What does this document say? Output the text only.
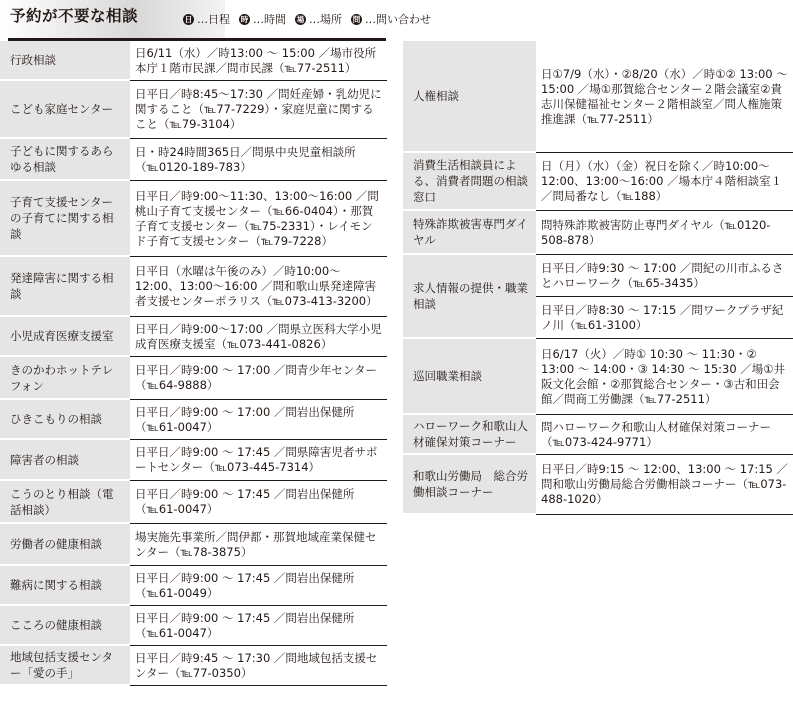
予約が不要な相談	日 …日程 時 …時間 場 …場所 問 …問い合わせ
行政相談
日6/11（水）／時13:00 ～ 15:00 ／場市役所本庁１階市民課／問市民課（℡77-2511）
こども家庭センター
日平日／時8:45～17:30 ／問妊産婦・乳幼児に関すること（℡77-7229）・家庭児童に関すること（℡79-3104）
子どもに関するあらゆる相談
日・時24時間365日／問県中央児童相談所（℡0120-189-783）
子育て支援センターの子育てに関する相談
日平日／時9:00～11:30、13:00～16:00 ／問桃山子育て支援センター（℡66-0404）・那賀子育て支援センター（℡75-2331）・レイモンド子育て支援センター（℡79-7228）
発達障害に関する相談
日平日（水曜は午後のみ）／時10:00～12:00、13:00～16:00 ／問和歌山県発達障害者支援センターポラリス（℡073-413-3200）
小児成育医療支援室
日平日／時9:00～17:00 ／問県立医科大学小児成育医療支援室（℡073-441-0826）
きのかわホットテレフォン
日平日／時9:00 ～ 17:00 ／問青少年センター（℡64-9888）
ひきこもりの相談
日平日／時9:00 ～ 17:00 ／問岩出保健所（℡61-0047）
障害者の相談
日平日／時9:00 ～ 17:45 ／問県障害児者サポートセンター（℡073-445-7314）
こうのとり相談（電話相談）
日平日／時9:00 ～ 17:45 ／問岩出保健所（℡61-0047）
労働者の健康相談
場実施先事業所／問伊都・那賀地域産業保健センター（℡78-3875）
難病に関する相談
日平日／時9:00 ～ 17:45 ／問岩出保健所（℡61-0049）
こころの健康相談
日平日／時9:00 ～ 17:45 ／問岩出保健所（℡61-0047）
地域包括支援センター「愛の手」
日平日／時9:45 ～ 17:30 ／問地域包括支援センター（℡77-0350）
人権相談
日①7/9（水）・②8/20（水）／時①② 13:00 ～ 15:00 ／場①那賀総合センター２階会議室②貴志川保健福祉センター２階相談室／問人権施策推進課（℡77-2511）
消費生活相談員による、消費者問題の相談窓口
日（月）（水）（金）祝日を除く／時10:00～12:00、13:00～16:00 ／場本庁４階相談室１／問局番なし（℡188）
特殊詐欺被害専門ダイヤル
問特殊詐欺被害防止専門ダイヤル（℡0120-508-878）
求人情報の提供・職業相談
日平日／時9:30 ～ 17:00 ／問紀の川市ふるさとハローワーク（℡65-3435）
日平日／時8:30 ～ 17:15 ／問ワークプラザ紀ノ川（℡61-3100）
巡回職業相談
日6/17（火）／時① 10:30 ～ 11:30・② 13:00 ～ 14:00・③ 14:30 ～ 15:30 ／場①井阪文化会館・②那賀総合センター・③古和田会館／問商工労働課（℡77-2511）
ハローワーク和歌山人材確保対策コーナー
問ハローワーク和歌山人材確保対策コーナー（℡073-424-9771）
和歌山労働局　総合労働相談コーナー
日平日／時9:15 ～ 12:00、13:00 ～ 17:15 ／問和歌山労働局総合労働相談コーナー（℡073-488-1020）
